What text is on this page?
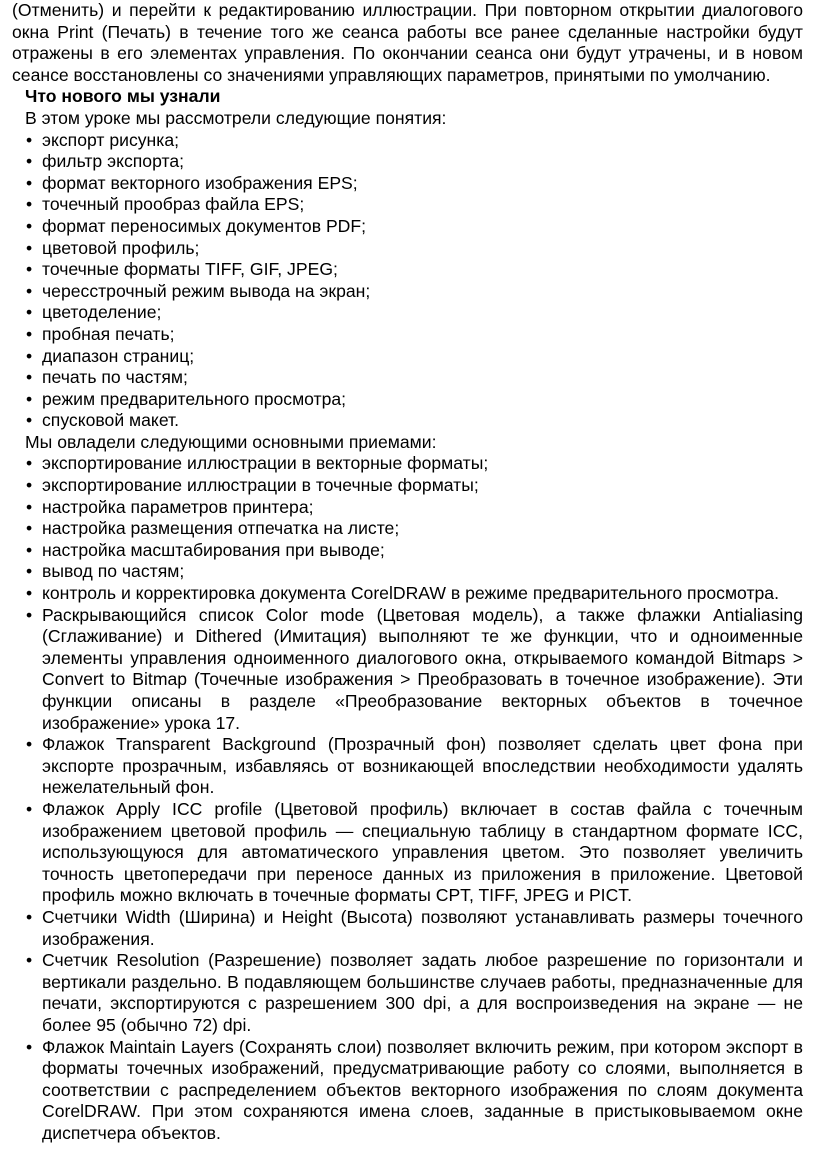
(Отменить) и перейти к редактированию иллюстрации. При повторном открытии диалогового окна Print (Печать) в течение того же сеанса работы все ранее сделанные настройки будут отражены в его элементах управления. По окончании сеанса они будут утрачены, и в новом сеансе восстановлены со значениями управляющих параметров, принятыми по умолчанию.

Что нового мы узнали

В этом уроке мы рассмотрели следующие понятия:

• экспорт рисунка;
• фильтр экспорта;
• формат векторного изображения EPS;
• точечный прообраз файла EPS;
• формат переносимых документов PDF;
• цветовой профиль;
• точечные форматы TIFF, GIF, JPEG;
• чересстрочный режим вывода на экран;
• цветоделение;
• пробная печать;
• диапазон страниц;
• печать по частям;
• режим предварительного просмотра;
• спусковой макет.

Мы овладели следующими основными приемами:

• экспортирование иллюстрации в векторные форматы;
• экспортирование иллюстрации в точечные форматы;
• настройка параметров принтера;
• настройка размещения отпечатка на листе;
• настройка масштабирования при выводе;
• вывод по частям;
• контроль и корректировка документа CorelDRAW в режиме предварительного просмотра.
• Раскрывающийся список Color mode (Цветовая модель), а также флажки Antialiasing (Сглаживание) и Dithered (Имитация) выполняют те же функции, что и одноименные элементы управления одноименного диалогового окна, открываемого командой Bitmaps > Convert to Bitmap (Точечные изображения > Преобразовать в точечное изображение). Эти функции описаны в разделе «Преобразование векторных объектов в точечное изображение» урока 17.
• Флажок Transparent Background (Прозрачный фон) позволяет сделать цвет фона при экспорте прозрачным, избавляясь от возникающей впоследствии необходимости удалять нежелательный фон.
• Флажок Apply ICC profile (Цветовой профиль) включает в состав файла с точечным изображением цветовой профиль — специальную таблицу в стандартном формате ICC, использующуюся для автоматического управления цветом. Это позволяет увеличить точность цветопередачи при переносе данных из приложения в приложение. Цветовой профиль можно включать в точечные форматы CPT, TIFF, JPEG и PICT.
• Счетчики Width (Ширина) и Height (Высота) позволяют устанавливать размеры точечного изображения.
• Счетчик Resolution (Разрешение) позволяет задать любое разрешение по горизонтали и вертикали раздельно. В подавляющем большинстве случаев работы, предназначенные для печати, экспортируются с разрешением 300 dpi, а для воспроизведения на экране — не более 95 (обычно 72) dpi.
• Флажок Maintain Layers (Сохранять слои) позволяет включить режим, при котором экспорт в форматы точечных изображений, предусматривающие работу со слоями, выполняется в соответствии с распределением объектов векторного изображения по слоям документа CorelDRAW. При этом сохраняются имена слоев, заданные в пристыковываемом окне диспетчера объектов.
